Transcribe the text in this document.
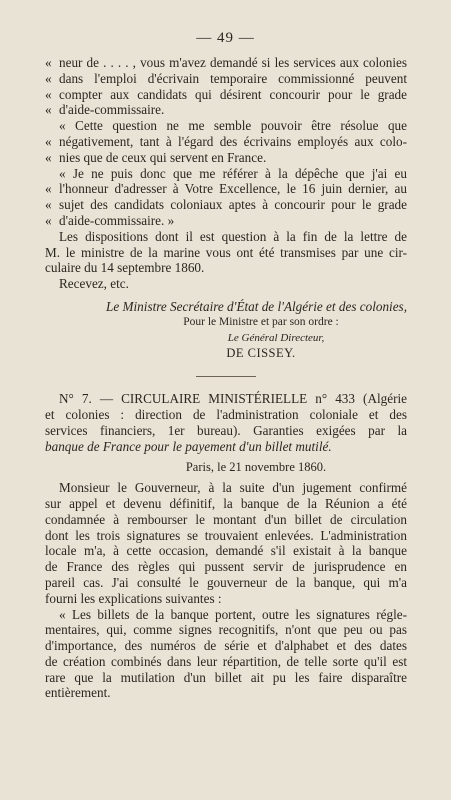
— 49 —
« neur de . . . . , vous m'avez demandé si les services aux colonies
« dans l'emploi d'écrivain temporaire commissionné peuvent
« compter aux candidats qui désirent concourir pour le grade
« d'aide-commissaire.
« Cette question ne me semble pouvoir être résolue que
« négativement, tant à l'égard des écrivains employés aux colo-
« nies que de ceux qui servent en France.
« Je ne puis donc que me référer à la dépêche que j'ai eu
« l'honneur d'adresser à Votre Excellence, le 16 juin dernier, au
« sujet des candidats coloniaux aptes à concourir pour le grade
« d'aide-commissaire. »
Les dispositions dont il est question à la fin de la lettre de
M. le ministre de la marine vous ont été transmises par une cir-
culaire du 14 septembre 1860.
Recevez, etc.
Le Ministre Secrétaire d'État de l'Algérie et des colonies,
Pour le Ministre et par son ordre :
Le Général Directeur,
DE CISSEY.
N° 7. — CIRCULAIRE MINISTÉRIELLE n° 433 (Algérie
et colonies : direction de l'administration coloniale et des
services financiers, 1er bureau). Garanties exigées par la
banque de France pour le payement d'un billet mutilé.
Paris, le 21 novembre 1860.
Monsieur le Gouverneur, à la suite d'un jugement confirmé
sur appel et devenu définitif, la banque de la Réunion a été
condamnée à rembourser le montant d'un billet de circulation
dont les trois signatures se trouvaient enlevées. L'administration
locale m'a, à cette occasion, demandé s'il existait à la banque
de France des règles qui pussent servir de jurisprudence en
pareil cas. J'ai consulté le gouverneur de la banque, qui m'a
fourni les explications suivantes :
« Les billets de la banque portent, outre les signatures régle-
mentaires, qui, comme signes recognitifs, n'ont que peu ou pas
d'importance, des numéros de série et d'alphabet et des dates
de création combinés dans leur répartition, de telle sorte qu'il est
rare que la mutilation d'un billet ait pu les faire disparaître
entièrement.
